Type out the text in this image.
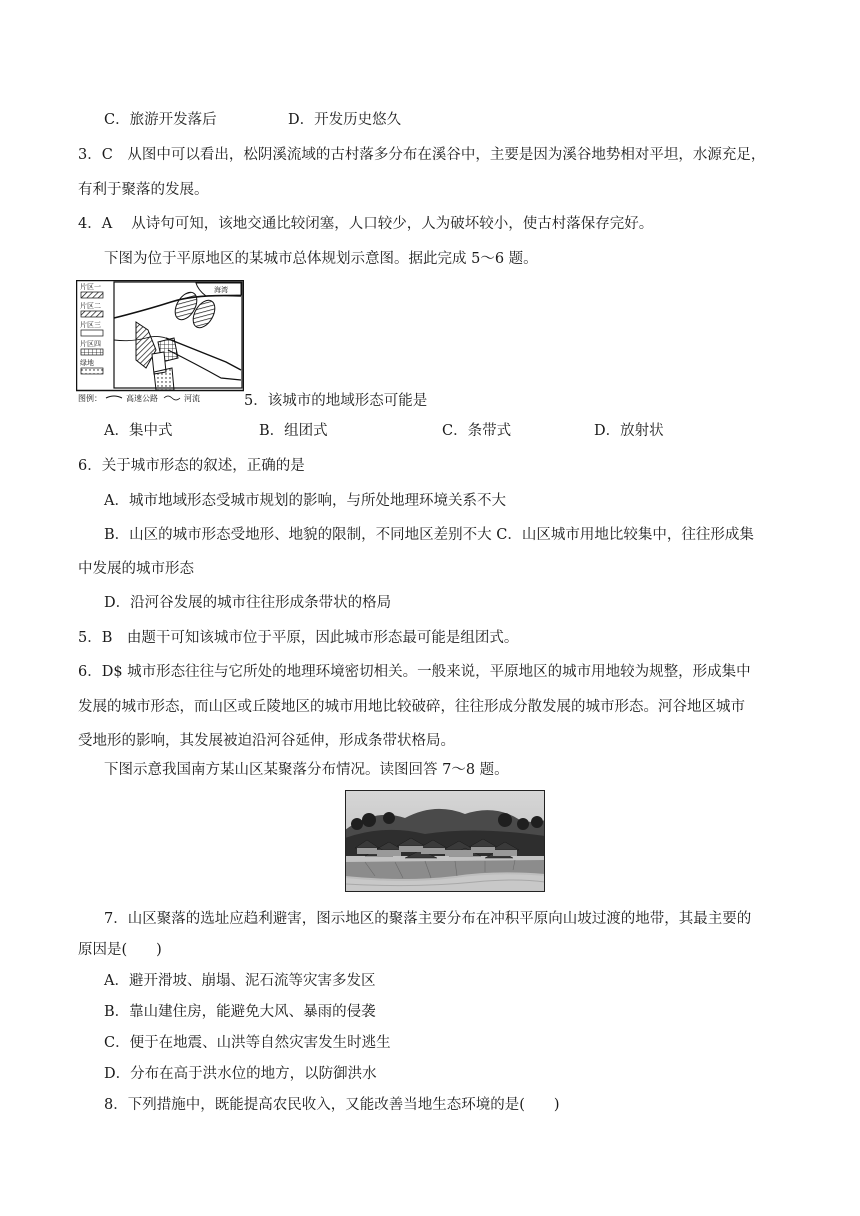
C．旅游开发落后	D．开发历史悠久
3．C　从图中可以看出，松阴溪流域的古村落多分布在溪谷中，主要是因为溪谷地势相对平坦，水源充足，
有利于聚落的发展。
4．A　 从诗句可知，该地交通比较闭塞，人口较少，人为破坏较小，使古村落保存完好。
下图为位于平原地区的某城市总体规划示意图。据此完成 5～6 题。
片区一
片区二
片区三
片区四
绿地
海湾
图例：	高速公路	河流	5．该城市的地域形态可能是
A．集中式	B．组团式	C．条带式	D．放射状
6．关于城市形态的叙述，正确的是
A．城市地域形态受城市规划的影响，与所处地理环境关系不大
B．山区的城市形态受地形、地貌的限制，不同地区差别不大 C．山区城市用地比较集中，往往形成集
中发展的城市形态
D．沿河谷发展的城市往往形成条带状的格局
5．B　由题干可知该城市位于平原，因此城市形态最可能是组团式。
6．D$ 城市形态往往与它所处的地理环境密切相关。一般来说，平原地区的城市用地较为规整，形成集中
发展的城市形态，而山区或丘陵地区的城市用地比较破碎，往往形成分散发展的城市形态。河谷地区城市
受地形的影响，其发展被迫沿河谷延伸，形成条带状格局。
下图示意我国南方某山区某聚落分布情况。读图回答 7～8 题。
7．山区聚落的选址应趋利避害，图示地区的聚落主要分布在冲积平原向山坡过渡的地带，其最主要的
原因是(　　)
A．避开滑坡、崩塌、泥石流等灾害多发区
B．靠山建住房，能避免大风、暴雨的侵袭
C．便于在地震、山洪等自然灾害发生时逃生
D．分布在高于洪水位的地方，以防御洪水
8．下列措施中，既能提高农民收入，又能改善当地生态环境的是(　　)
